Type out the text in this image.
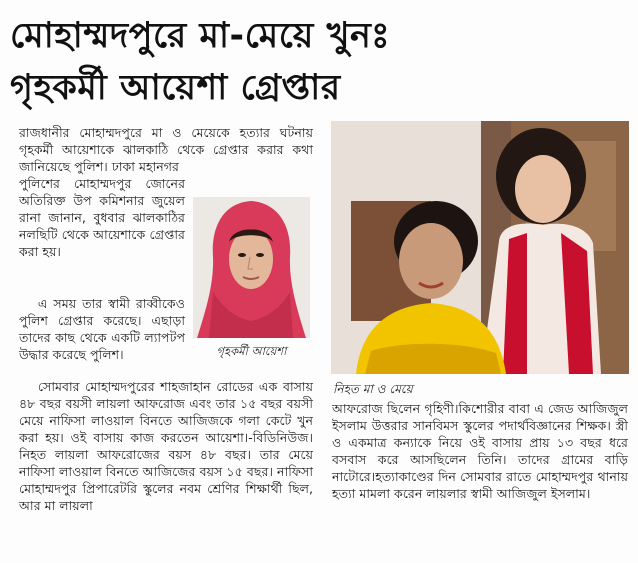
মোহাম্মদপুরে মা-মেয়ে খুনঃ
গৃহকর্মী আয়েশা গ্রেপ্তার
রাজধানীর মোহাম্মদপুরে মা ও মেয়েকে হত্যার ঘটনায় গৃহকর্মী আয়েশাকে ঝালকাঠি থেকে গ্রেপ্তার করার কথা জানিয়েছে পুলিশ। ঢাকা মহানগর
পুলিশের মোহাম্মদপুর জোনের অতিরিক্ত উপ কমিশনার জুয়েল রানা জানান, বুধবার ঝালকাঠির নলছিটি থেকে আয়েশাকে গ্রেপ্তার করা হয়।
এ সময় তার স্বামী রাব্বীকেও পুলিশ গ্রেপ্তার করেছে। এছাড়া তাদের কাছ থেকে একটি ল্যাপটপ উদ্ধার করেছে পুলিশ।	গৃহকর্মী আয়েশা
সোমবার মোহাম্মদপুরের শাহজাহান রোডের এক বাসায় ৪৮ বছর বয়সী লায়লা আফরোজ এবং তার ১৫ বছর বয়সী মেয়ে নাফিসা লাওয়াল বিনতে আজিজকে গলা কেটে খুন করা হয়। ওই বাসায় কাজ করতেন আয়েশা।-বিডিনিউজ। নিহত লায়লা আফরোজের বয়স ৪৮ বছর। তার মেয়ে নাফিসা লাওয়াল বিনতে আজিজের বয়স ১৫ বছর। নাফিসা মোহাম্মদপুর প্রিপারেটরি স্কুলের নবম শ্রেণির শিক্ষার্থী ছিল, আর মা লায়লা
নিহত মা ও মেয়ে
আফরোজ ছিলেন গৃহিণী।কিশোরীর বাবা এ জেড আজিজুল ইসলাম উত্তরার সানবিমস স্কুলের পদার্থবিজ্ঞানের শিক্ষক। স্ত্রী ও একমাত্র কন্যাকে নিয়ে ওই বাসায় প্রায় ১৩ বছর ধরে বসবাস করে আসছিলেন তিনি। তাদের গ্রামের বাড়ি নাটোরে।হত্যাকাণ্ডের দিন সোমবার রাতে মোহাম্মদপুর থানায় হত্যা মামলা করেন লায়লার স্বামী আজিজুল ইসলাম।
